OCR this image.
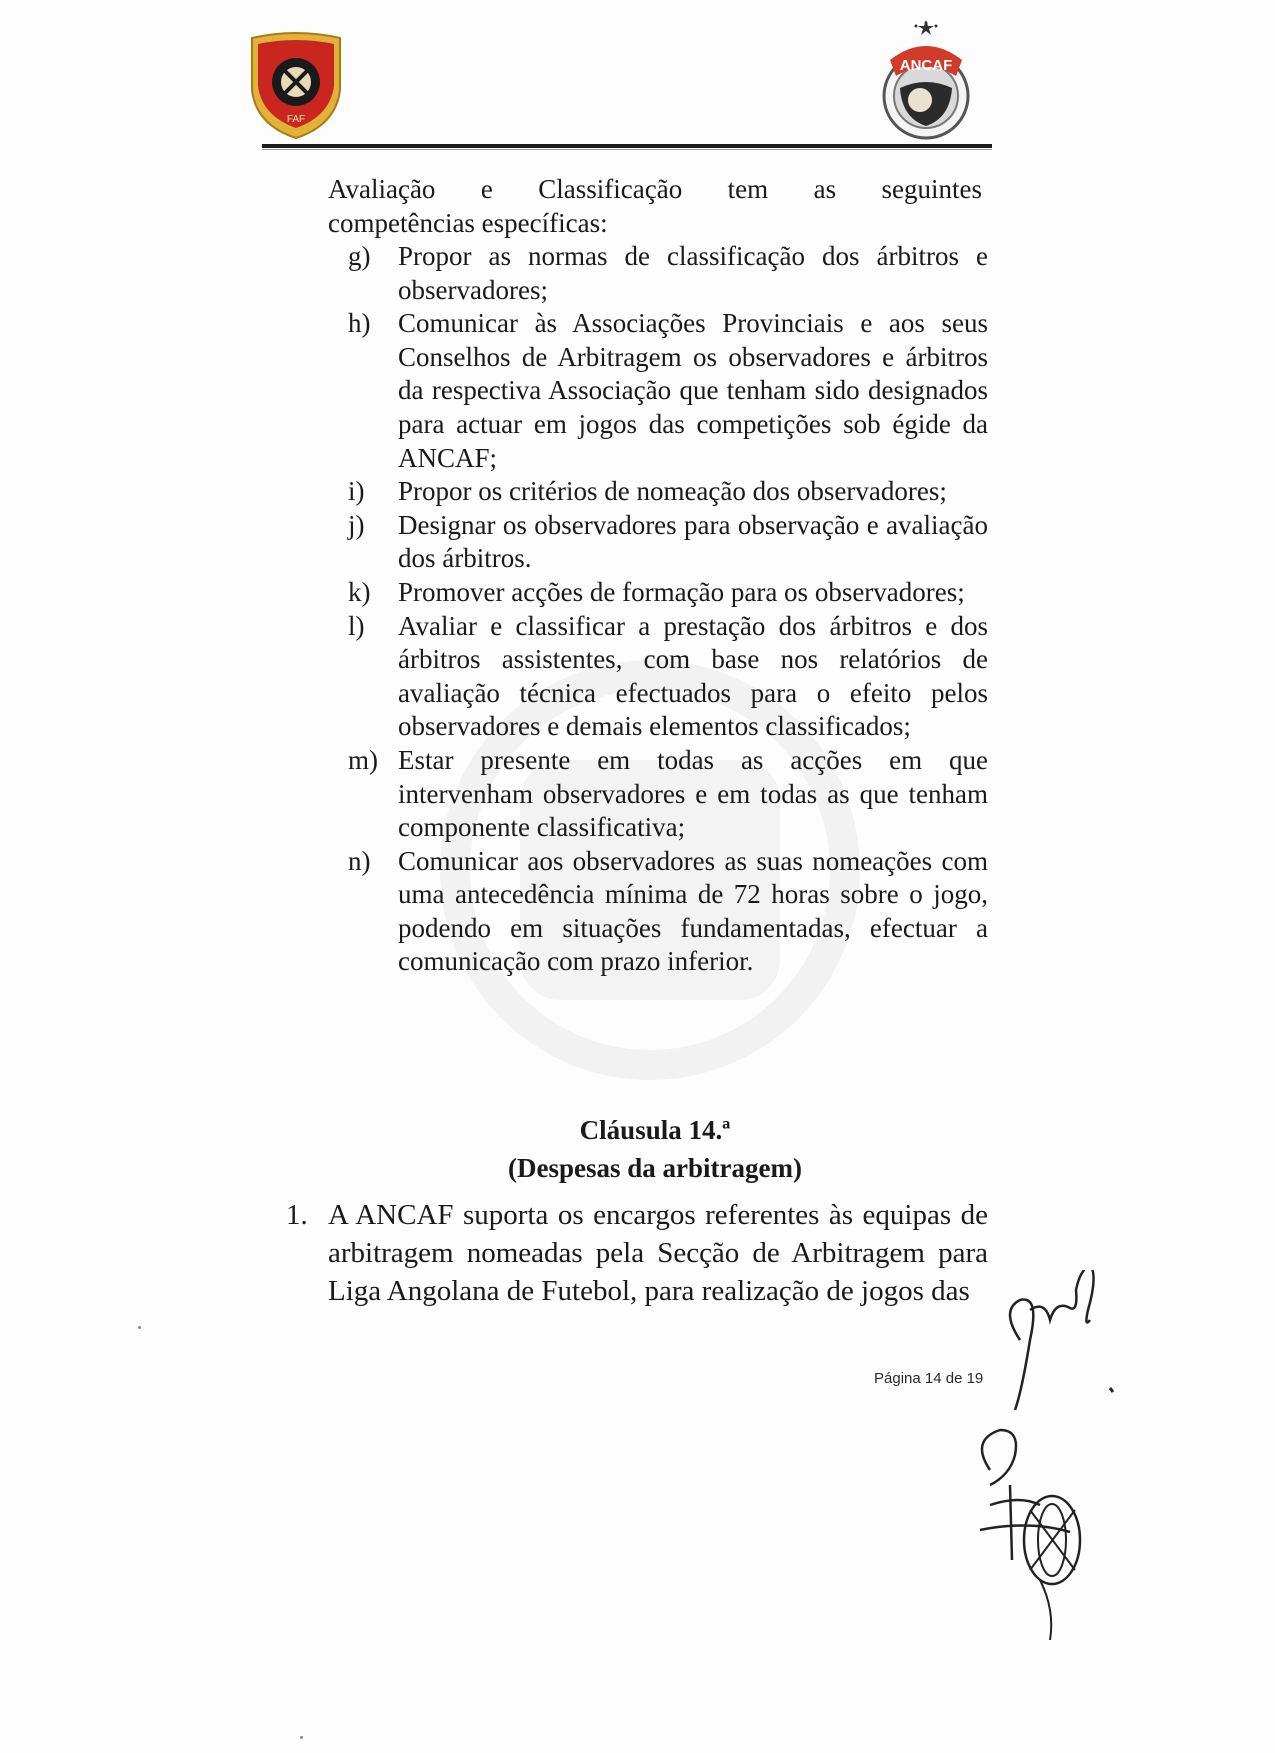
FAF
ANCAF
Avaliação e Classificação tem as seguintes
competências específicas:
g)	Propor as normas de classificação dos árbitros e observadores;
h)	Comunicar às Associações Provinciais e aos seus Conselhos de Arbitragem os observadores e árbitros da respectiva Associação que tenham sido designados para actuar em jogos das competições sob égide da ANCAF;
i)	Propor os critérios de nomeação dos observadores;
j)	Designar os observadores para observação e avaliação dos árbitros.
k)	Promover acções de formação para os observadores;
l)	Avaliar e classificar a prestação dos árbitros e dos árbitros assistentes, com base nos relatórios de avaliação técnica efectuados para o efeito pelos observadores e demais elementos classificados;
m) Estar presente em todas as acções em que intervenham observadores e em todas as que tenham componente classificativa;
n)	Comunicar aos observadores as suas nomeações com uma antecedência mínima de 72 horas sobre o jogo, podendo em situações fundamentadas, efectuar a comunicação com prazo inferior.
Cláusula 14.ª
(Despesas da arbitragem)
1. A ANCAF suporta os encargos referentes às equipas de arbitragem nomeadas pela Secção de Arbitragem para Liga Angolana de Futebol, para realização de jogos das
Página 14 de 19
